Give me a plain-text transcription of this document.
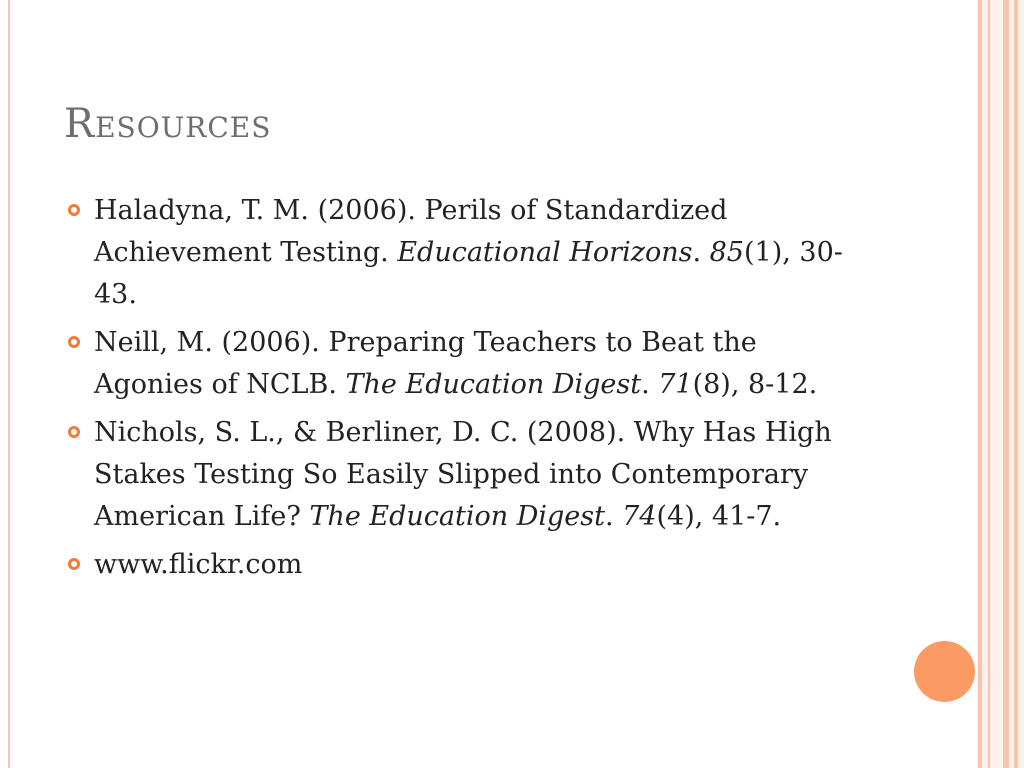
Resources
Haladyna, T. M. (2006). Perils of Standardized Achievement Testing. Educational Horizons. 85(1), 30-43.
Neill, M. (2006). Preparing Teachers to Beat the Agonies of NCLB. The Education Digest. 71(8), 8-12.
Nichols, S. L., & Berliner, D. C. (2008). Why Has High Stakes Testing So Easily Slipped into Contemporary American Life? The Education Digest. 74(4), 41-7.
www.flickr.com
